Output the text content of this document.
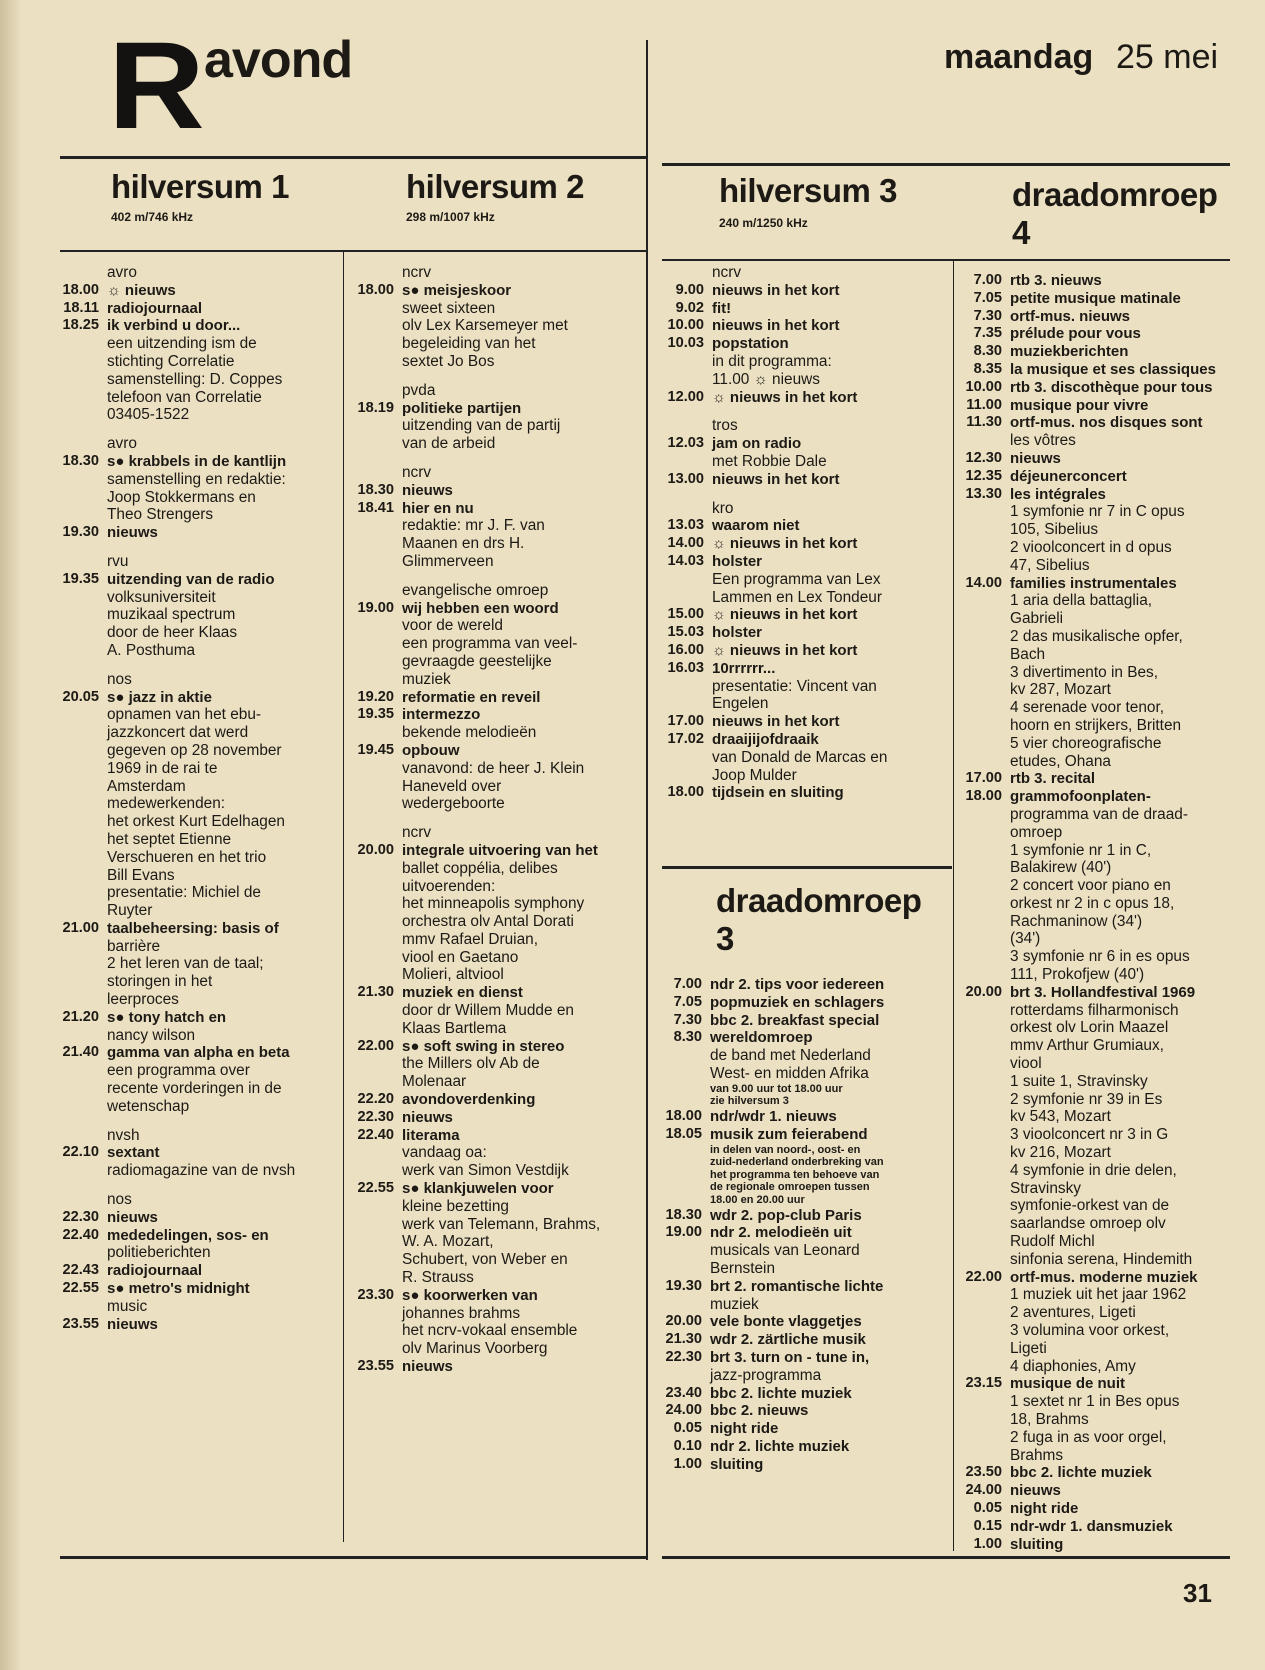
R avond	maandag 25 mei
hilversum 1
402 m/746 kHz
hilversum 2
298 m/1007 kHz
hilversum 3
240 m/1250 kHz
draadomroep
4
draadomroep
3
avro
18.00 ☼ nieuws
18.11 radiojournaal
18.25 ik verbind u door...
een uitzending ism de
stichting Correlatie
samenstelling: D. Coppes
telefoon van Correlatie
03405-1522
avro
18.30 s● krabbels in de kantlijn
samenstelling en redaktie:
Joop Stokkermans en
Theo Strengers
19.30 nieuws
rvu
19.35 uitzending van de radio
volksuniversiteit
muzikaal spectrum
door de heer Klaas
A. Posthuma
nos
20.05 s● jazz in aktie
opnamen van het ebu-
jazzkoncert dat werd
gegeven op 28 november
1969 in de rai te
Amsterdam
medewerkenden:
het orkest Kurt Edelhagen
het septet Etienne
Verschueren en het trio
Bill Evans
presentatie: Michiel de
Ruyter
21.00 taalbeheersing: basis of
barrière
2 het leren van de taal;
storingen in het
leerproces
21.20 s● tony hatch en
nancy wilson
21.40 gamma van alpha en beta
een programma over
recente vorderingen in de
wetenschap
nvsh
22.10 sextant
radiomagazine van de nvsh
nos
22.30 nieuws
22.40 mededelingen, sos- en
politieberichten
22.43 radiojournaal
22.55 s● metro's midnight
music
23.55 nieuws
ncrv
18.00 s● meisjeskoor
sweet sixteen
olv Lex Karsemeyer met
begeleiding van het
sextet Jo Bos
pvda
18.19 politieke partijen
uitzending van de partij
van de arbeid
ncrv
18.30 nieuws
18.41 hier en nu
redaktie: mr J. F. van
Maanen en drs H.
Glimmerveen
evangelische omroep
19.00 wij hebben een woord
voor de wereld
een programma van veel-
gevraagde geestelijke
muziek
19.20 reformatie en reveil
19.35 intermezzo
bekende melodieën
19.45 opbouw
vanavond: de heer J. Klein
Haneveld over
wedergeboorte
ncrv
20.00 integrale uitvoering van het
ballet coppélia, delibes
uitvoerenden:
het minneapolis symphony
orchestra olv Antal Dorati
mmv Rafael Druian,
viool en Gaetano
Molieri, altviool
21.30 muziek en dienst
door dr Willem Mudde en
Klaas Bartlema
22.00 s● soft swing in stereo
the Millers olv Ab de
Molenaar
22.20 avondoverdenking
22.30 nieuws
22.40 literama
vandaag oa:
werk van Simon Vestdijk
22.55 s● klankjuwelen voor
kleine bezetting
werk van Telemann, Brahms,
W. A. Mozart,
Schubert, von Weber en
R. Strauss
23.30 s● koorwerken van
johannes brahms
het ncrv-vokaal ensemble
olv Marinus Voorberg
23.55 nieuws
ncrv
9.00 nieuws in het kort
9.02 fit!
10.00 nieuws in het kort
10.03 popstation
in dit programma:
11.00 ☼ nieuws
12.00 ☼ nieuws in het kort
tros
12.03 jam on radio
met Robbie Dale
13.00 nieuws in het kort
kro
13.03 waarom niet
14.00 ☼ nieuws in het kort
14.03 holster
Een programma van Lex
Lammen en Lex Tondeur
15.00 ☼ nieuws in het kort
15.03 holster
16.00 ☼ nieuws in het kort
16.03 10rrrrrr...
presentatie: Vincent van
Engelen
17.00 nieuws in het kort
17.02 draaijijofdraaik
van Donald de Marcas en
Joop Mulder
18.00 tijdsein en sluiting
7.00 ndr 2. tips voor iedereen
7.05 popmuziek en schlagers
7.30 bbc 2. breakfast special
8.30 wereldomroep
de band met Nederland
West- en midden Afrika
van 9.00 uur tot 18.00 uur
zie hilversum 3
18.00 ndr/wdr 1. nieuws
18.05 musik zum feierabend
in delen van noord-, oost- en
zuid-nederland onderbreking van
het programma ten behoeve van
de regionale omroepen tussen
18.00 en 20.00 uur
18.30 wdr 2. pop-club Paris
19.00 ndr 2. melodieën uit
musicals van Leonard
Bernstein
19.30 brt 2. romantische lichte
muziek
20.00 vele bonte vlaggetjes
21.30 wdr 2. zärtliche musik
22.30 brt 3. turn on - tune in,
jazz-programma
23.40 bbc 2. lichte muziek
24.00 bbc 2. nieuws
0.05 night ride
0.10 ndr 2. lichte muziek
1.00 sluiting
7.00 rtb 3. nieuws
7.05 petite musique matinale
7.30 ortf-mus. nieuws
7.35 prélude pour vous
8.30 muziekberichten
8.35 la musique et ses classiques
10.00 rtb 3. discothèque pour tous
11.00 musique pour vivre
11.30 ortf-mus. nos disques sont
les vôtres
12.30 nieuws
12.35 déjeunerconcert
13.30 les intégrales
1 symfonie nr 7 in C opus
105, Sibelius
2 vioolconcert in d opus
47, Sibelius
14.00 families instrumentales
1 aria della battaglia,
Gabrieli
2 das musikalische opfer,
Bach
3 divertimento in Bes,
kv 287, Mozart
4 serenade voor tenor,
hoorn en strijkers, Britten
5 vier choreografische
etudes, Ohana
17.00 rtb 3. recital
18.00 grammofoonplaten-
programma van de draad-
omroep
1 symfonie nr 1 in C,
Balakirew (40')
2 concert voor piano en
orkest nr 2 in c opus 18,
Rachmaninow (34')
(34')
3 symfonie nr 6 in es opus
111, Prokofjew (40')
20.00 brt 3. Hollandfestival 1969
rotterdams filharmonisch
orkest olv Lorin Maazel
mmv Arthur Grumiaux,
viool
1 suite 1, Stravinsky
2 symfonie nr 39 in Es
kv 543, Mozart
3 vioolconcert nr 3 in G
kv 216, Mozart
4 symfonie in drie delen,
Stravinsky
symfonie-orkest van de
saarlandse omroep olv
Rudolf Michl
sinfonia serena, Hindemith
22.00 ortf-mus. moderne muziek
1 muziek uit het jaar 1962
2 aventures, Ligeti
3 volumina voor orkest,
Ligeti
4 diaphonies, Amy
23.15 musique de nuit
1 sextet nr 1 in Bes opus
18, Brahms
2 fuga in as voor orgel,
Brahms
23.50 bbc 2. lichte muziek
24.00 nieuws
0.05 night ride
0.15 ndr-wdr 1. dansmuziek
1.00 sluiting
31
